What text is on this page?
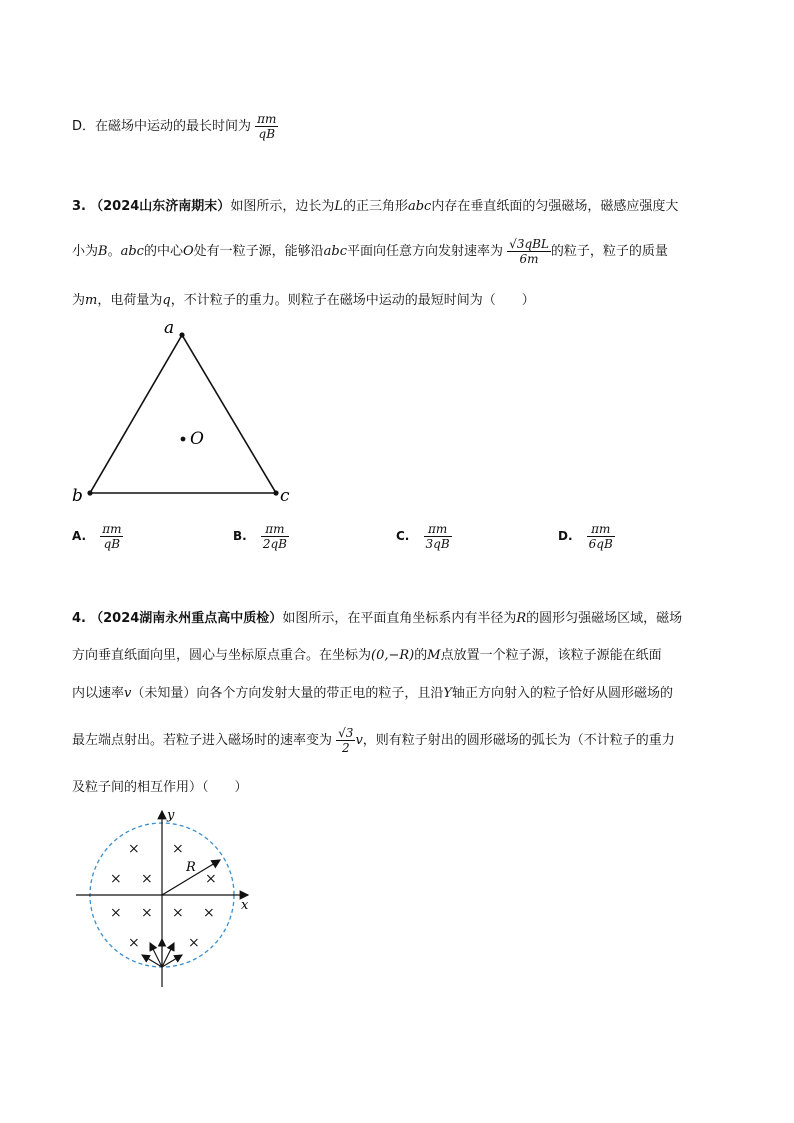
D．在磁场中运动的最长时间为 $\frac{\pi m}{qB}$
3. （2024山东济南期末）如图所示，边长为L的正三角形abc内存在垂直纸面的匀强磁场，磁感应强度大
小为B。abc的中心O处有一粒子源，能够沿abc平面向任意方向发射速率为 $\frac{\text{√3qBL}}{6m}$ 的粒子，粒子的质量
为m，电荷量为q，不计粒子的重力。则粒子在磁场中运动的最短时间为（　　）
a
b	c
O
A. $\frac{\pi m}{qB}$	B. $\frac{\pi m}{2qB}$	C. $\frac{\pi m}{3qB}$	D. $\frac{\pi m}{6qB}$
4. （2024湖南永州重点高中质检）如图所示，在平面直角坐标系内有半径为R的圆形匀强磁场区域，磁场
方向垂直纸面向里，圆心与坐标原点重合。在坐标为(0,−R)的M点放置一个粒子源，该粒子源能在纸面
内以速率v（未知量）向各个方向发射大量的带正电的粒子，且沿Y轴正方向射入的粒子恰好从圆形磁场的
最左端点射出。若粒子进入磁场时的速率变为 $\frac{√3}{2}$ v，则有粒子射出的圆形磁场的弧长为（不计粒子的重力
及粒子间的相互作用）（　　）
x
y
R
× ×
× ×	×
× × × ×
×	×
